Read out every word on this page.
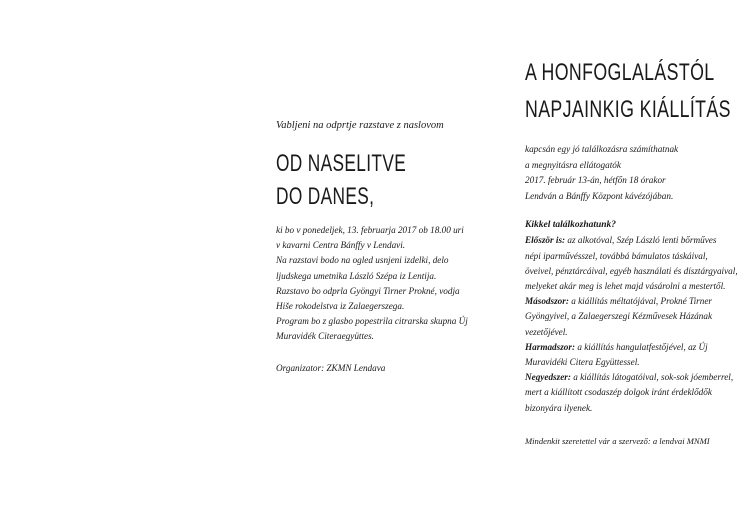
Vabljeni na odprtje razstave z naslovom

OD NASELITVE
DO DANES,
ki bo v ponedeljek, 13. februarja 2017 ob 18.00 uri
v kavarni Centra Bánffy v Lendavi.
Na razstavi bodo na ogled usnjeni izdelki, delo
ljudskega umetnika László Szépa iz Lentija.
Razstavo bo odprla Gyöngyi Tirner Prokné, vodja
Hiše rokodelstva iz Zalaegerszega.
Program bo z glasbo popestrila citrarska skupna Új
Muravidék Citeraegyüttes.
Organizator: ZKMN Lendava
A HONFOGLALÁSTÓL
NAPJAINKIG KIÁLLÍTÁS
kapcsán egy jó találkozásra számíthatnak
a megnyitásra ellátogatók
2017. február 13-án, hétfőn 18 órakor
Lendván a Bánffy Központ kávézójában.
Kikkel találkozhatunk?
Először is: az alkotóval, Szép László lenti bőrműves
népi iparművésszel, továbbá bámulatos táskáival,
öveivel, pénztárcáival, egyéb használati és dísztárgyaival,
melyeket akár meg is lehet majd vásárolni a mestertől.
Másodszor: a kiállítás méltatójával, Prokné Tirner
Gyöngyivel, a Zalaegerszegi Kézművesek Házának
vezetőjével.
Harmadszor: a kiállítás hangulatfestőjével, az Új
Muravidéki Citera Együttessel.
Negyedszer: a kiállítás látogatóival, sok-sok jóemberrel,
mert a kiállított csodaszép dolgok iránt érdeklődők
bizonyára ilyenek.
Mindenkit szeretettel vár a szervező: a lendvai MNMI
